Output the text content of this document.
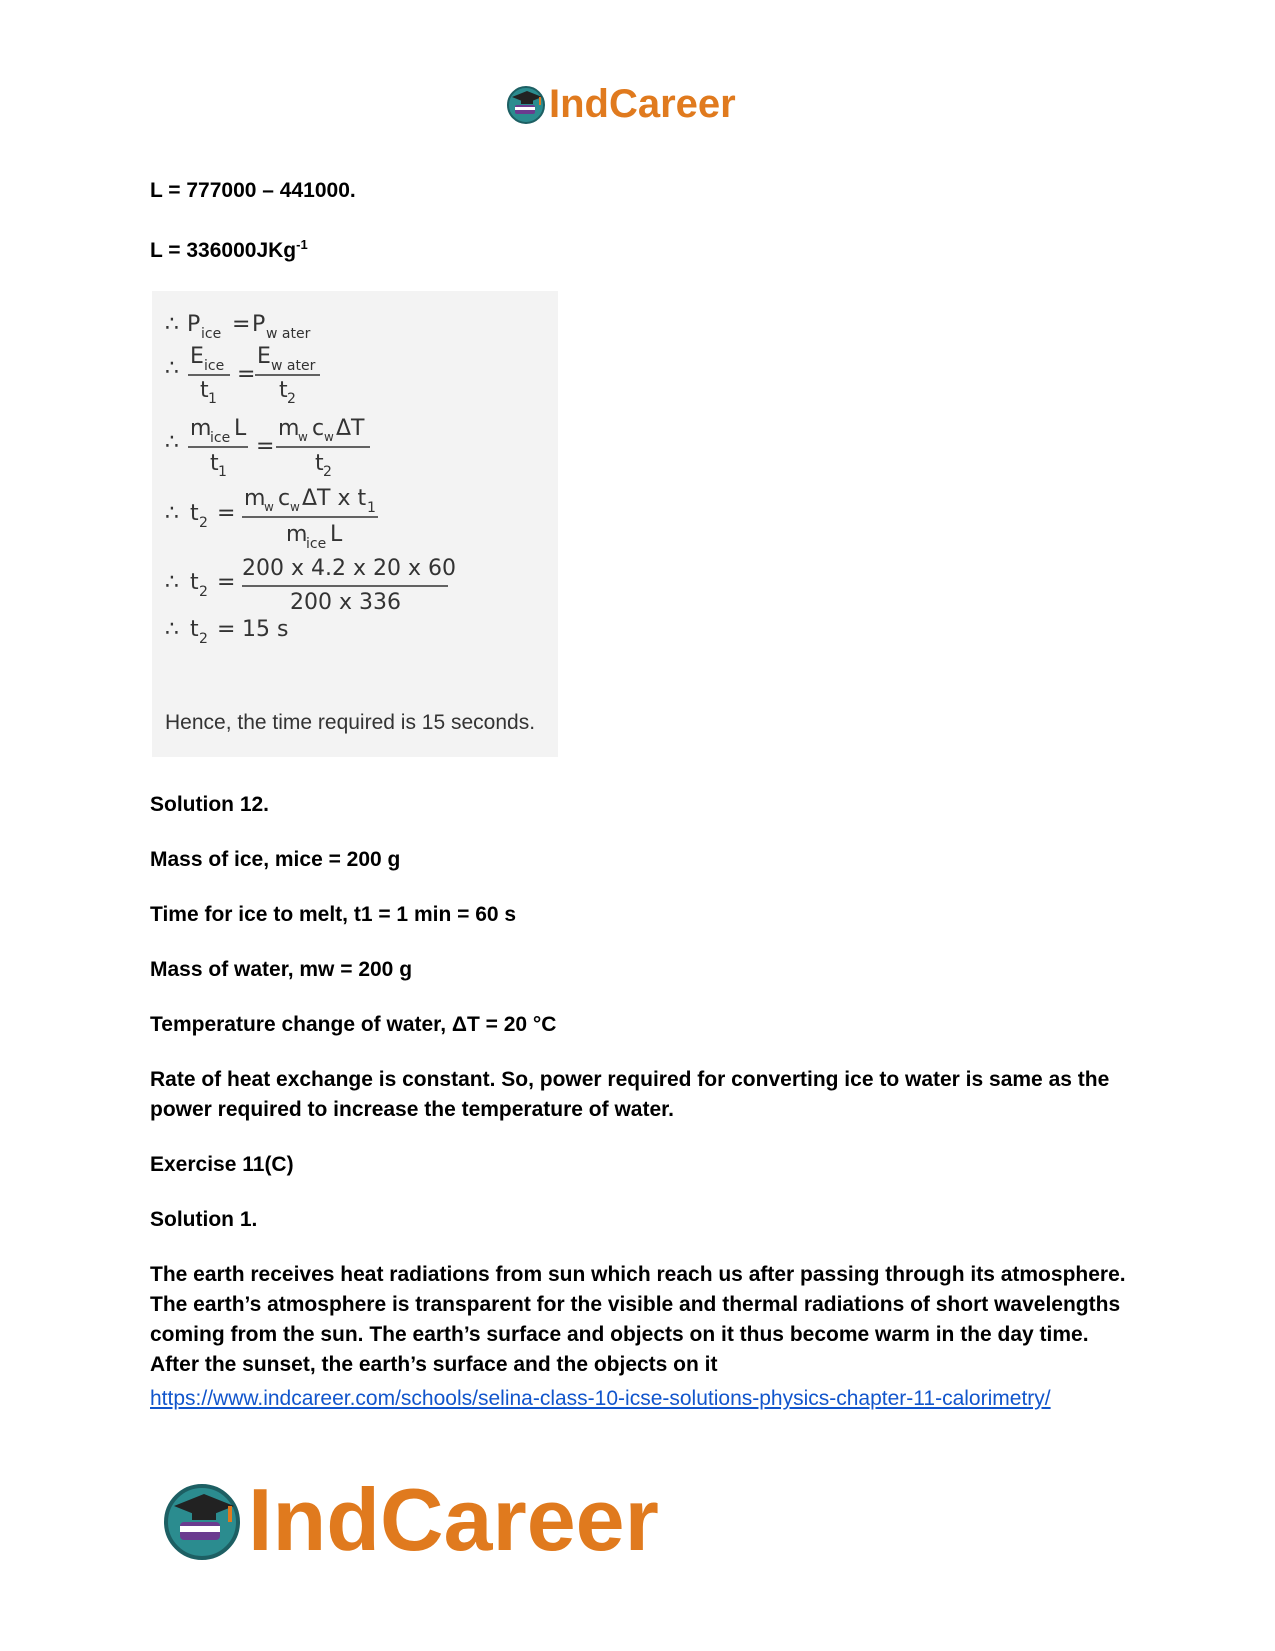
IndCareer

L = 777000 – 441000.

L = 336000JKg$^{-1}$

∴ P ice = P w ater
∴ E ice
t 1
=
E w ater
t 2
∴
m
ice L
t 1
=
m
w c w ΔT
t 2
∴ t 2 =
m
w c w ΔT x t 1
m
ice L
∴ t 2 =
200 x 4.2 x 20 x 60
200 x 336
∴ t 2 = 15 s
Hence, the time required is 15 seconds.

Solution 12.

Mass of ice, mice = 200 g

Time for ice to melt, t1 = 1 min = 60 s

Mass of water, mw = 200 g

Temperature change of water, ΔT = 20 °C

Rate of heat exchange is constant. So, power required for converting ice to water is same as the power required to increase the temperature of water.

Exercise 11(C)

Solution 1.

The earth receives heat radiations from sun which reach us after passing through its atmosphere. The earth’s atmosphere is transparent for the visible and thermal radiations of short wavelengths coming from the sun. The earth’s surface and objects on it thus become warm in the day time. After the sunset, the earth’s surface and the objects on it

https://www.indcareer.com/schools/selina-class-10-icse-solutions-physics-chapter-11-calorimetry/
IndCareer
